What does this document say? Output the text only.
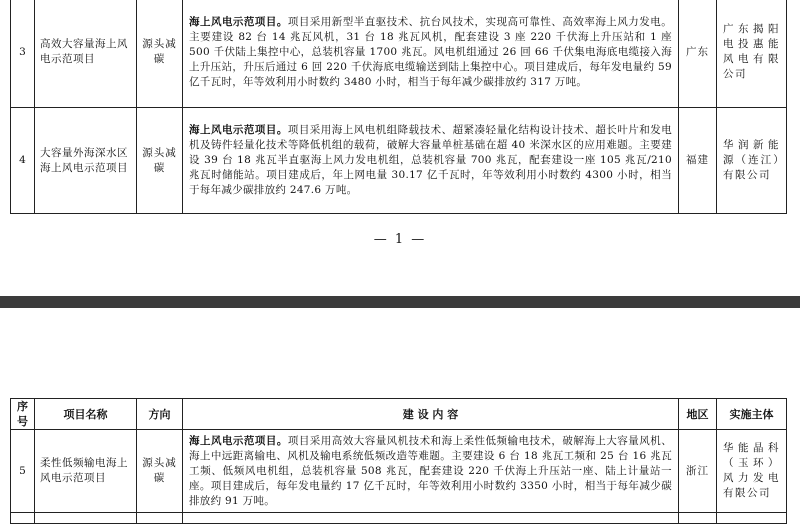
3	高效大容量海上风电示范项目	源头减碳	海上风电示范项目。项目采用新型半直驱技术、抗台风技术，实现高可靠性、高效率海上风力发电。主要建设 82 台 14 兆瓦风机，31 台 18 兆瓦风机，配套建设 3 座 220 千伏海上升压站和 1 座 500 千伏陆上集控中心，总装机容量 1700 兆瓦。风电机组通过 26 回 66 千伏集电海底电缆接入海上升压站，升压后通过 6 回 220 千伏海底电缆输送到陆上集控中心。项目建成后，每年发电量约 59 亿千瓦时，年等效利用小时数约 3480 小时，相当于每年减少碳排放约 317 万吨。	广东	广东揭阳电投惠能风电有限公司
4	大容量外海深水区海上风电示范项目	源头减碳	海上风电示范项目。项目采用海上风电机组降载技术、超紧凑轻量化结构设计技术、超长叶片和发电机及铸件轻量化技术等降低机组的载荷，破解大容量单桩基础在超 40 米深水区的应用难题。主要建设 39 台 18 兆瓦半直驱海上风力发电机组，总装机容量 700 兆瓦，配套建设一座 105 兆瓦/210 兆瓦时储能站。项目建成后，年上网电量 30.17 亿千瓦时，年等效利用小时数约 4300 小时，相当于每年减少碳排放约 247.6 万吨。	福建	华润新能源（连江）有限公司
— 1 —
序号	项目名称	方向	建 设 内 容	地区	实施主体
5	柔性低频输电海上风电示范项目	源头减碳	海上风电示范项目。项目采用高效大容量风机技术和海上柔性低频输电技术，破解海上大容量风机、海上中远距离输电、风机及输电系统低频改造等难题。主要建设 6 台 18 兆瓦工频和 25 台 16 兆瓦工频、低频风电机组，总装机容量 508 兆瓦，配套建设 220 千伏海上升压站一座、陆上计量站一座。项目建成后，每年发电量约 17 亿千瓦时，年等效利用小时数约 3350 小时，相当于每年减少碳排放约 91 万吨。	浙江	华能晶科（玉环）风力发电有限公司
